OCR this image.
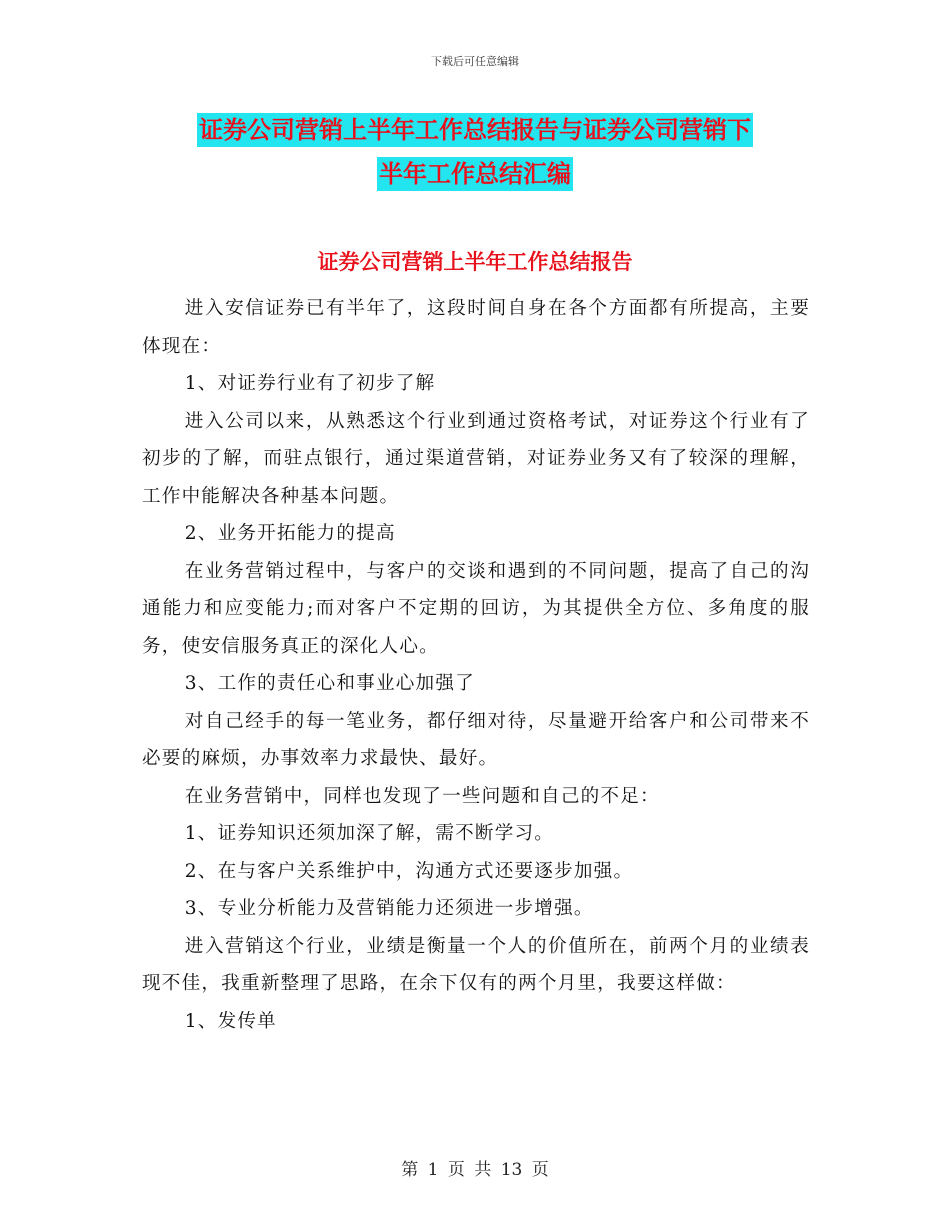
下载后可任意编辑
证券公司营销上半年工作总结报告与证券公司营销下
半年工作总结汇编
证券公司营销上半年工作总结报告

进入安信证券已有半年了，这段时间自身在各个方面都有所提高，主要体现在：

1、对证券行业有了初步了解

进入公司以来，从熟悉这个行业到通过资格考试，对证券这个行业有了初步的了解，而驻点银行，通过渠道营销，对证券业务又有了较深的理解，工作中能解决各种基本问题。

2、业务开拓能力的提高

在业务营销过程中，与客户的交谈和遇到的不同问题，提高了自己的沟通能力和应变能力;而对客户不定期的回访，为其提供全方位、多角度的服务，使安信服务真正的深化人心。

3、工作的责任心和事业心加强了

对自己经手的每一笔业务，都仔细对待，尽量避开给客户和公司带来不必要的麻烦，办事效率力求最快、最好。

在业务营销中，同样也发现了一些问题和自己的不足：

1、证券知识还须加深了解，需不断学习。

2、在与客户关系维护中，沟通方式还要逐步加强。

3、专业分析能力及营销能力还须进一步增强。

进入营销这个行业，业绩是衡量一个人的价值所在，前两个月的业绩表现不佳，我重新整理了思路，在余下仅有的两个月里，我要这样做：

1、发传单

第 1 页 共 13 页
